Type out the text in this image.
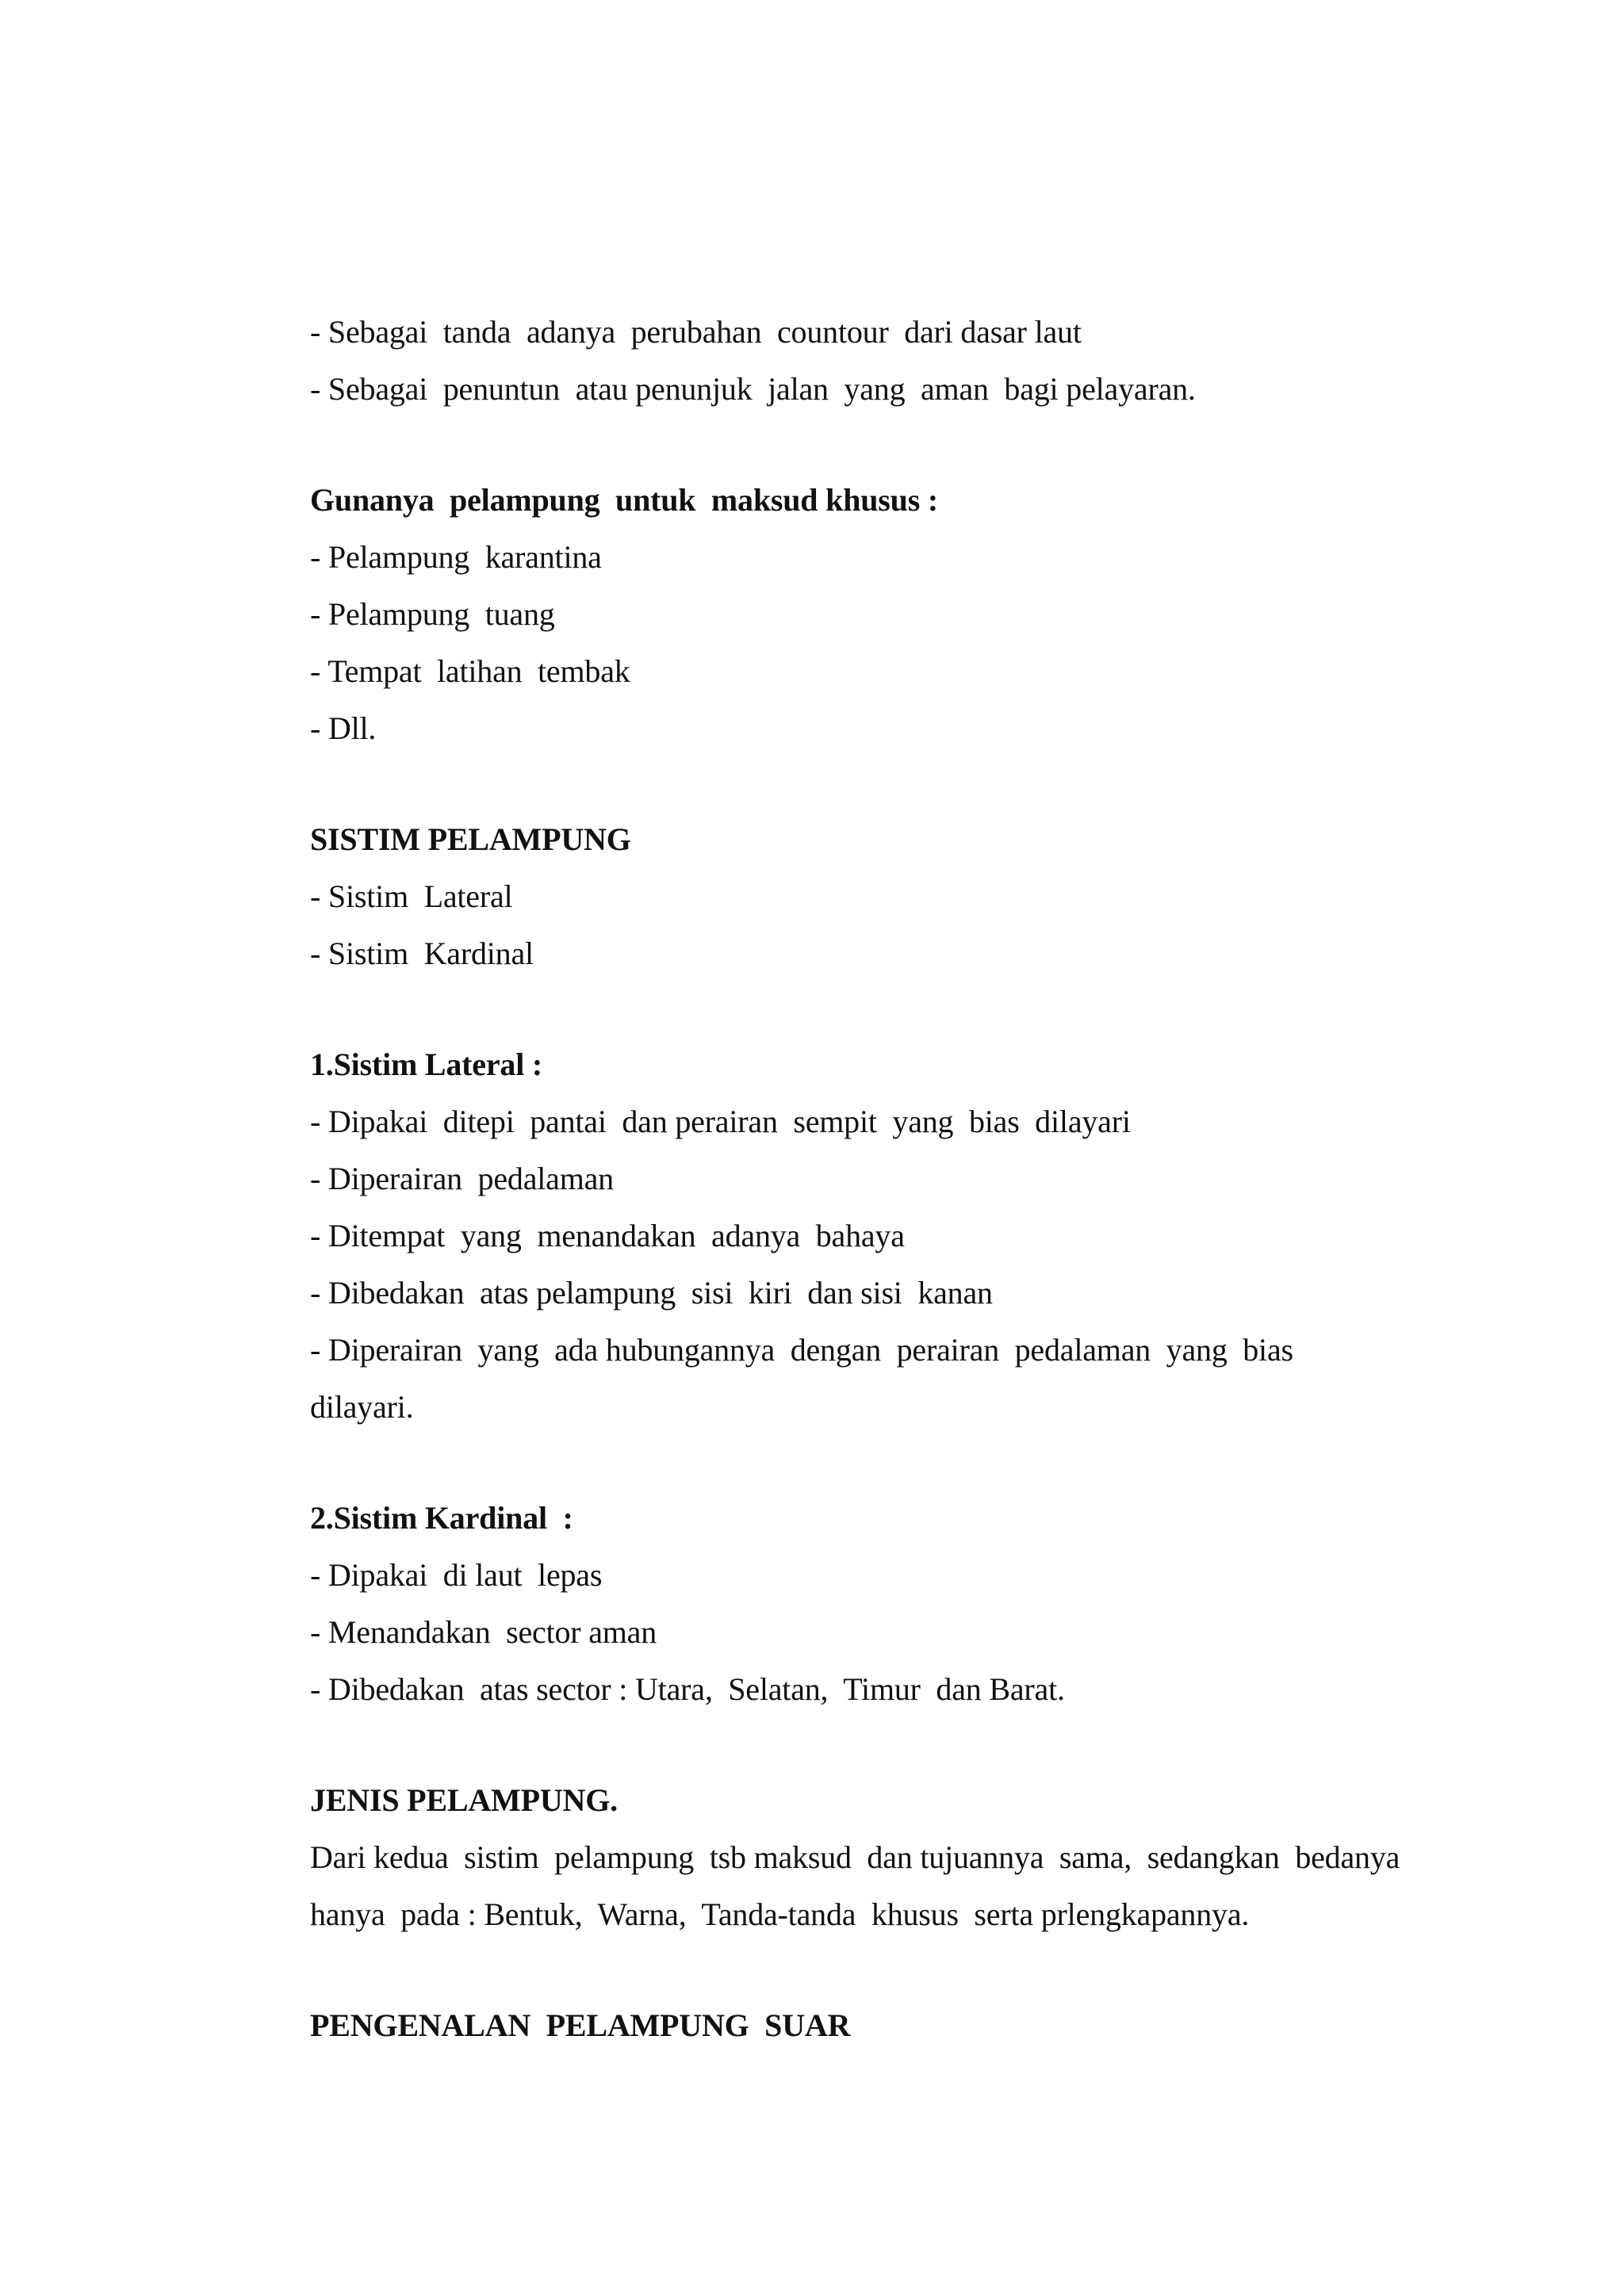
- Sebagai  tanda  adanya  perubahan  countour  dari dasar laut
- Sebagai  penuntun  atau penunjuk  jalan  yang  aman  bagi pelayaran.
Gunanya  pelampung  untuk  maksud khusus :
- Pelampung  karantina
- Pelampung  tuang
- Tempat  latihan  tembak
- Dll.
SISTIM PELAMPUNG
- Sistim  Lateral
- Sistim  Kardinal
1.Sistim Lateral :
- Dipakai  ditepi  pantai  dan perairan  sempit  yang  bias  dilayari
- Diperairan  pedalaman
- Ditempat  yang  menandakan  adanya  bahaya
- Dibedakan  atas pelampung  sisi  kiri  dan sisi  kanan
- Diperairan  yang  ada hubungannya  dengan  perairan  pedalaman  yang  bias
dilayari.
2.Sistim Kardinal  :
- Dipakai  di laut  lepas
- Menandakan  sector aman
- Dibedakan  atas sector : Utara,  Selatan,  Timur  dan Barat.
JENIS PELAMPUNG.
Dari kedua  sistim  pelampung  tsb maksud  dan tujuannya  sama,  sedangkan  bedanya
hanya  pada : Bentuk,  Warna,  Tanda-tanda  khusus  serta prlengkapannya.
PENGENALAN  PELAMPUNG  SUAR
